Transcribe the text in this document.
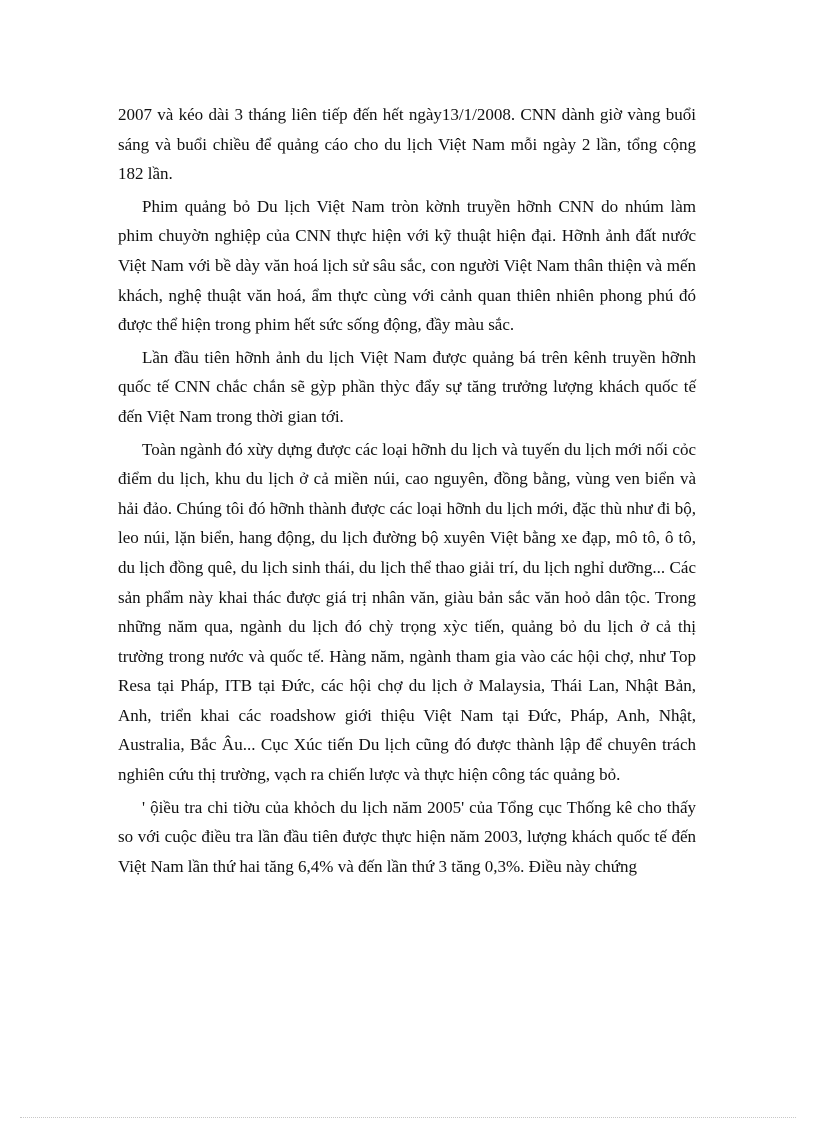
2007 và kéo dài 3 tháng liên tiếp đến hết ngày13/1/2008. CNN dành giờ vàng buổi sáng và buổi chiều để quảng cáo cho du lịch Việt Nam mỗi ngày 2 lần, tổng cộng 182 lần.

Phim quảng bỏ Du lịch Việt Nam tròn kờnh truyền hỡnh CNN do nhúm làm phim chuyờn nghiệp của CNN thực hiện với kỹ thuật hiện đại. Hỡnh ảnh đất nước Việt Nam với bề dày văn hoá lịch sử sâu sắc, con người Việt Nam thân thiện và mến khách, nghệ thuật văn hoá, ẩm thực cùng với cảnh quan thiên nhiên phong phú đó được thể hiện trong phim hết sức sống động, đầy màu sắc.

Lần đầu tiên hỡnh ảnh du lịch Việt Nam được quảng bá trên kênh truyền hỡnh quốc tế CNN chắc chắn sẽ gỳp phần thỳc đẩy sự tăng trưởng lượng khách quốc tế đến Việt Nam trong thời gian tới.

Toàn ngành đó xừy dựng được các loại hỡnh du lịch và tuyến du lịch mới nối cỏc điểm du lịch, khu du lịch ở cả miền núi, cao nguyên, đồng bằng, vùng ven biển và hải đảo. Chúng tôi đó hỡnh thành được các loại hỡnh du lịch mới, đặc thù như đi bộ, leo núi, lặn biển, hang động, du lịch đường bộ xuyên Việt bằng xe đạp, mô tô, ô tô, du lịch đồng quê, du lịch sinh thái, du lịch thể thao giải trí, du lịch nghỉ dưỡng... Các sản phẩm này khai thác được giá trị nhân văn, giàu bản sắc văn hoỏ dân tộc. Trong những năm qua, ngành du lịch đó chỳ trọng xỳc tiến, quảng bỏ du lịch ở cả thị trường trong nước và quốc tế. Hàng năm, ngành tham gia vào các hội chợ, như Top Resa tại Pháp, ITB tại Đức, các hội chợ du lịch ở Malaysia, Thái Lan, Nhật Bản, Anh, triển khai các roadshow giới thiệu Việt Nam tại Đức, Pháp, Anh, Nhật, Australia, Bắc Âu... Cục Xúc tiến Du lịch cũng đó được thành lập để chuyên trách nghiên cứu thị trường, vạch ra chiến lược và thực hiện công tác quảng bỏ.

' ộiều tra chi tiờu của khỏch du lịch năm 2005' của Tổng cục Thống kê cho thấy so với cuộc điều tra lần đầu tiên được thực hiện năm 2003, lượng khách quốc tế đến Việt Nam lần thứ hai tăng 6,4% và đến lần thứ 3 tăng 0,3%. Điều này chứng
